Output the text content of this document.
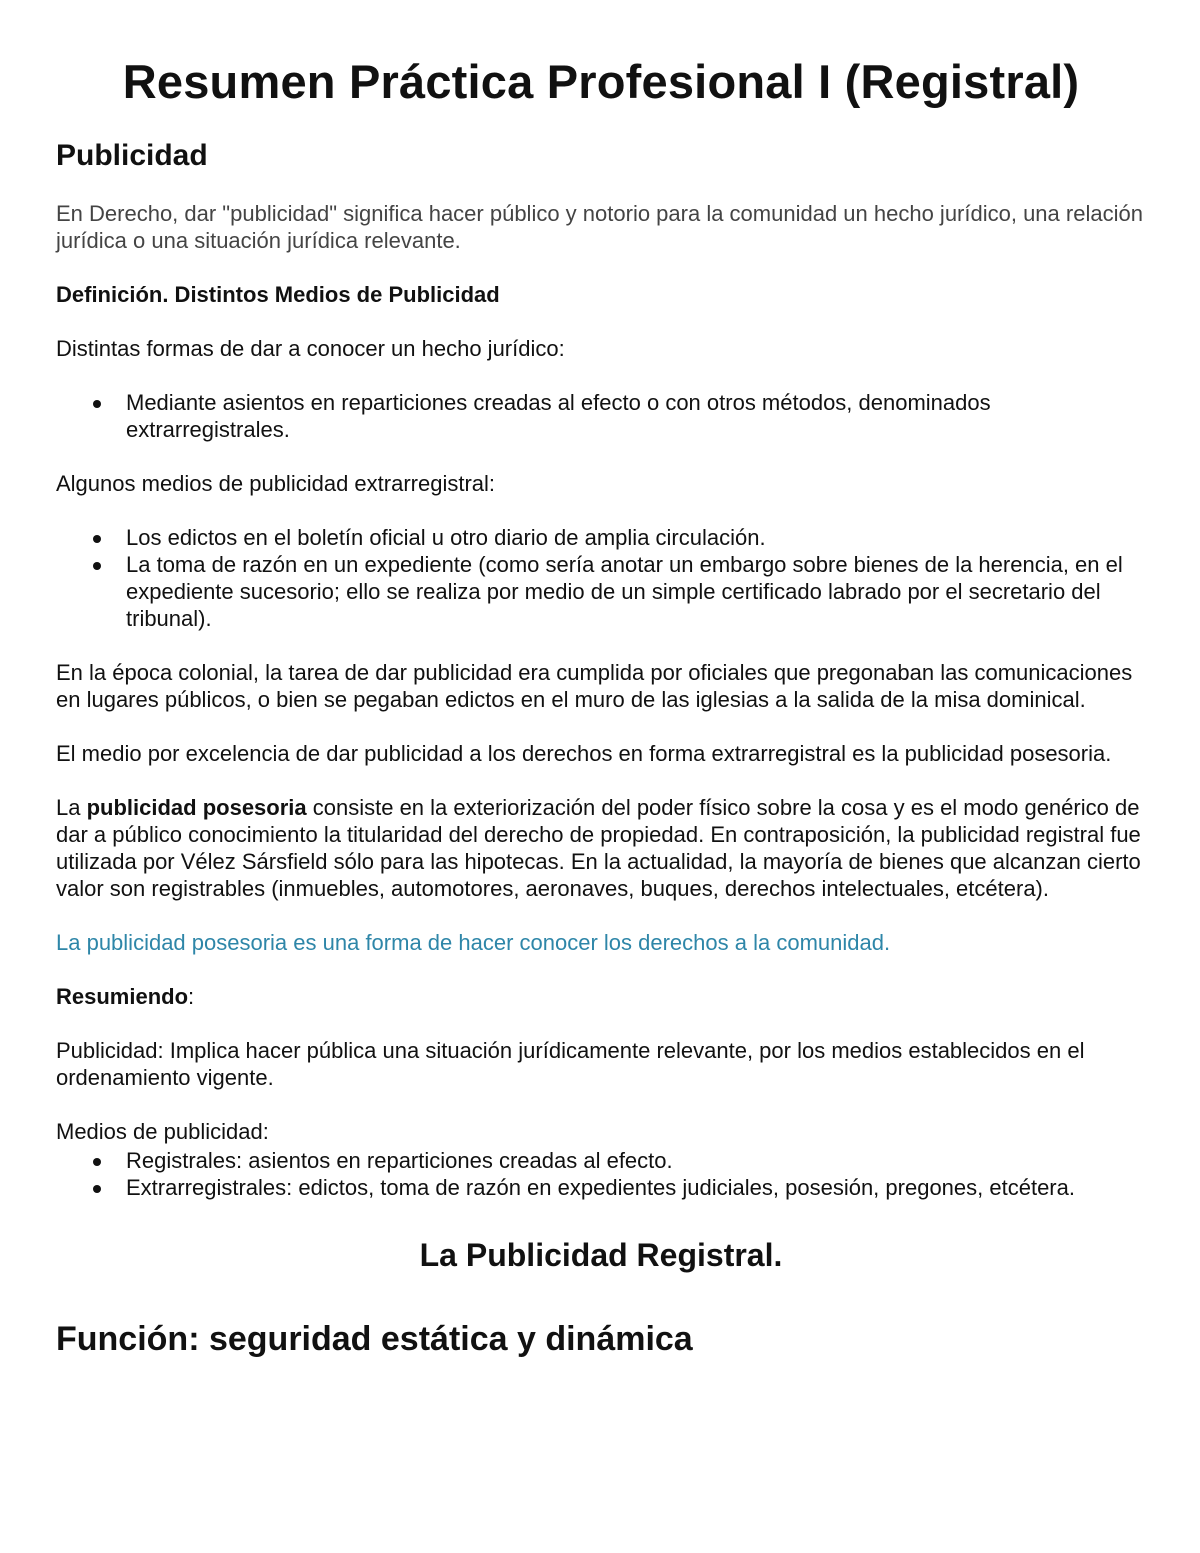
Resumen Práctica Profesional I (Registral)
Publicidad

En Derecho, dar "publicidad" significa hacer público y notorio para la comunidad un hecho jurídico, una relación jurídica o una situación jurídica relevante.

Definición. Distintos Medios de Publicidad

Distintas formas de dar a conocer un hecho jurídico:

Mediante asientos en reparticiones creadas al efecto o con otros métodos, denominados extrarregistrales.

Algunos medios de publicidad extrarregistral:

Los edictos en el boletín oficial u otro diario de amplia circulación.
La toma de razón en un expediente (como sería anotar un embargo sobre bienes de la herencia, en el expediente sucesorio; ello se realiza por medio de un simple certificado labrado por el secretario del tribunal).

En la época colonial, la tarea de dar publicidad era cumplida por oficiales que pregonaban las comunicaciones en lugares públicos, o bien se pegaban edictos en el muro de las iglesias a la salida de la misa dominical.

El medio por excelencia de dar publicidad a los derechos en forma extrarregistral es la publicidad posesoria.

La publicidad posesoria consiste en la exteriorización del poder físico sobre la cosa y es el modo genérico de dar a público conocimiento la titularidad del derecho de propiedad. En contraposición, la publicidad registral fue utilizada por Vélez Sársfield sólo para las hipotecas. En la actualidad, la mayoría de bienes que alcanzan cierto valor son registrables (inmuebles, automotores, aeronaves, buques, derechos intelectuales, etcétera).

La publicidad posesoria es una forma de hacer conocer los derechos a la comunidad.

Resumiendo:

Publicidad: Implica hacer pública una situación jurídicamente relevante, por los medios establecidos en el ordenamiento vigente.

Medios de publicidad:

Registrales: asientos en reparticiones creadas al efecto.
Extrarregistrales: edictos, toma de razón en expedientes judiciales, posesión, pregones, etcétera.
La Publicidad Registral.
Función: seguridad estática y dinámica
